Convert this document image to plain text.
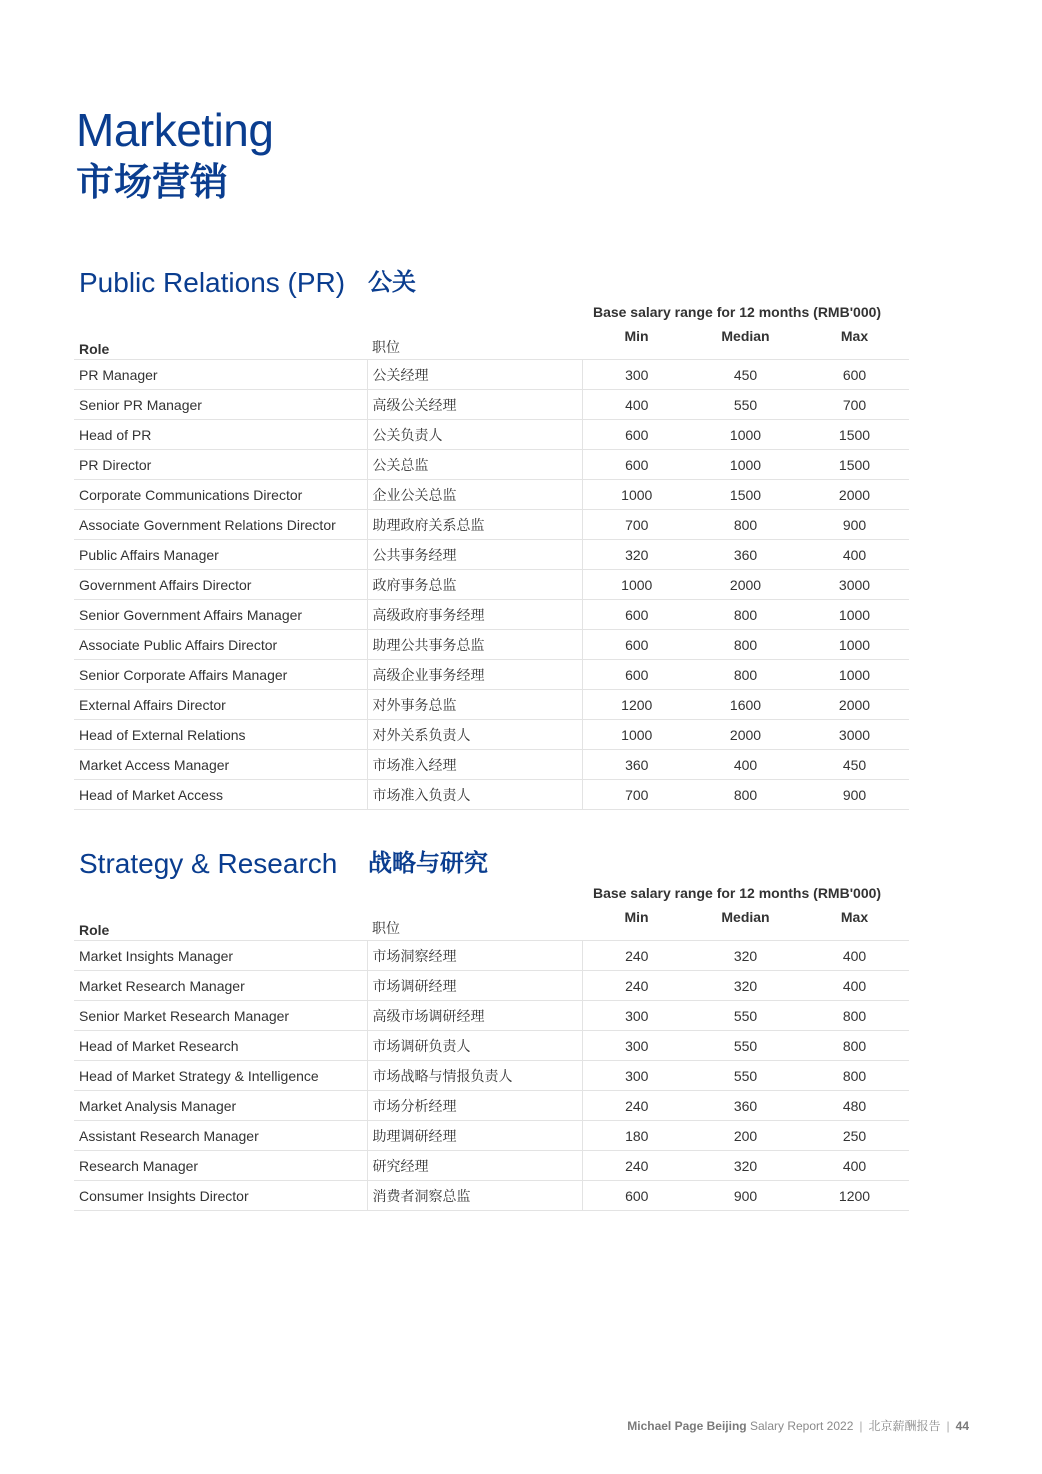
Marketing
市场营销
Public Relations (PR) 公关
Base salary range for 12 months (RMB'000)
Role	职位	Min	Median	Max
PR Manager	公关经理	300	450	600
Senior PR Manager	高级公关经理	400	550	700
Head of PR	公关负责人	600	1000	1500
PR Director	公关总监	600	1000	1500
Corporate Communications Director	企业公关总监	1000	1500	2000
Associate Government Relations Director	助理政府关系总监	700	800	900
Public Affairs Manager	公共事务经理	320	360	400
Government Affairs Director	政府事务总监	1000	2000	3000
Senior Government Affairs Manager	高级政府事务经理	600	800	1000
Associate Public Affairs Director	助理公共事务总监	600	800	1000
Senior Corporate Affairs Manager	高级企业事务经理	600	800	1000
External Affairs Director	对外事务总监	1200	1600	2000
Head of External Relations	对外关系负责人	1000	2000	3000
Market Access Manager	市场准入经理	360	400	450
Head of Market Access	市场准入负责人	700	800	900
Strategy & Research 战略与研究
Base salary range for 12 months (RMB'000)
Role	职位	Min	Median	Max
Market Insights Manager	市场洞察经理	240	320	400
Market Research Manager	市场调研经理	240	320	400
Senior Market Research Manager	高级市场调研经理	300	550	800
Head of Market Research	市场调研负责人	300	550	800
Head of Market Strategy & Intelligence	市场战略与情报负责人	300	550	800
Market Analysis Manager	市场分析经理	240	360	480
Assistant Research Manager	助理调研经理	180	200	250
Research Manager	研究经理	240	320	400
Consumer Insights Director	消费者洞察总监	600	900	1200
Michael Page Beijing Salary Report 2022 | 北京薪酬报告 | 44
